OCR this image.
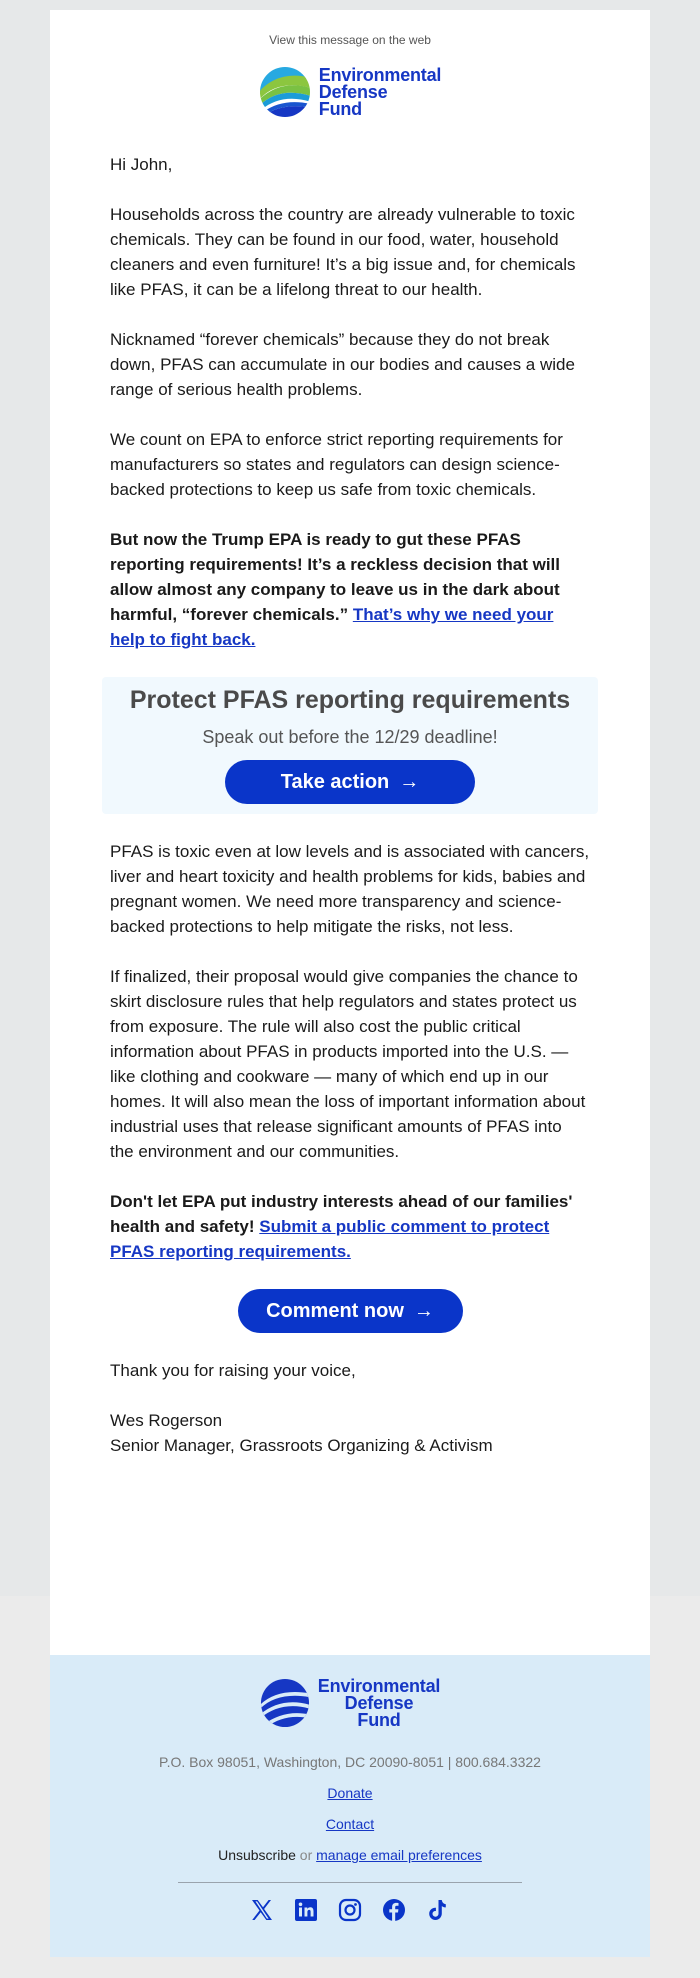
View this message on the web
Environmental
Defense
Fund

Hi John,

Households across the country are already vulnerable to toxic chemicals. They can be found in our food, water, household cleaners and even furniture! It’s a big issue and, for chemicals like PFAS, it can be a lifelong threat to our health.

Nicknamed “forever chemicals” because they do not break down, PFAS can accumulate in our bodies and causes a wide range of serious health problems.

We count on EPA to enforce strict reporting requirements for manufacturers so states and regulators can design science-backed protections to keep us safe from toxic chemicals.

But now the Trump EPA is ready to gut these PFAS reporting requirements! It’s a reckless decision that will allow almost any company to leave us in the dark about harmful, “forever chemicals.” That’s why we need your help to fight back.

Protect PFAS reporting requirements
Speak out before the 12/29 deadline!
Take action →

PFAS is toxic even at low levels and is associated with cancers, liver and heart toxicity and health problems for kids, babies and pregnant women. We need more transparency and science-backed protections to help mitigate the risks, not less.

If finalized, their proposal would give companies the chance to skirt disclosure rules that help regulators and states protect us from exposure. The rule will also cost the public critical information about PFAS in products imported into the U.S. — like clothing and cookware — many of which end up in our homes. It will also mean the loss of important information about industrial uses that release significant amounts of PFAS into the environment and our communities.

Don't let EPA put industry interests ahead of our families' health and safety! Submit a public comment to protect PFAS reporting requirements.

Comment now →

Thank you for raising your voice,

Wes Rogerson
Senior Manager, Grassroots Organizing & Activism

Environmental
Defense
Fund
P.O. Box 98051, Washington, DC 20090-8051 | 800.684.3322
Donate
Contact
Unsubscribe or manage email preferences
